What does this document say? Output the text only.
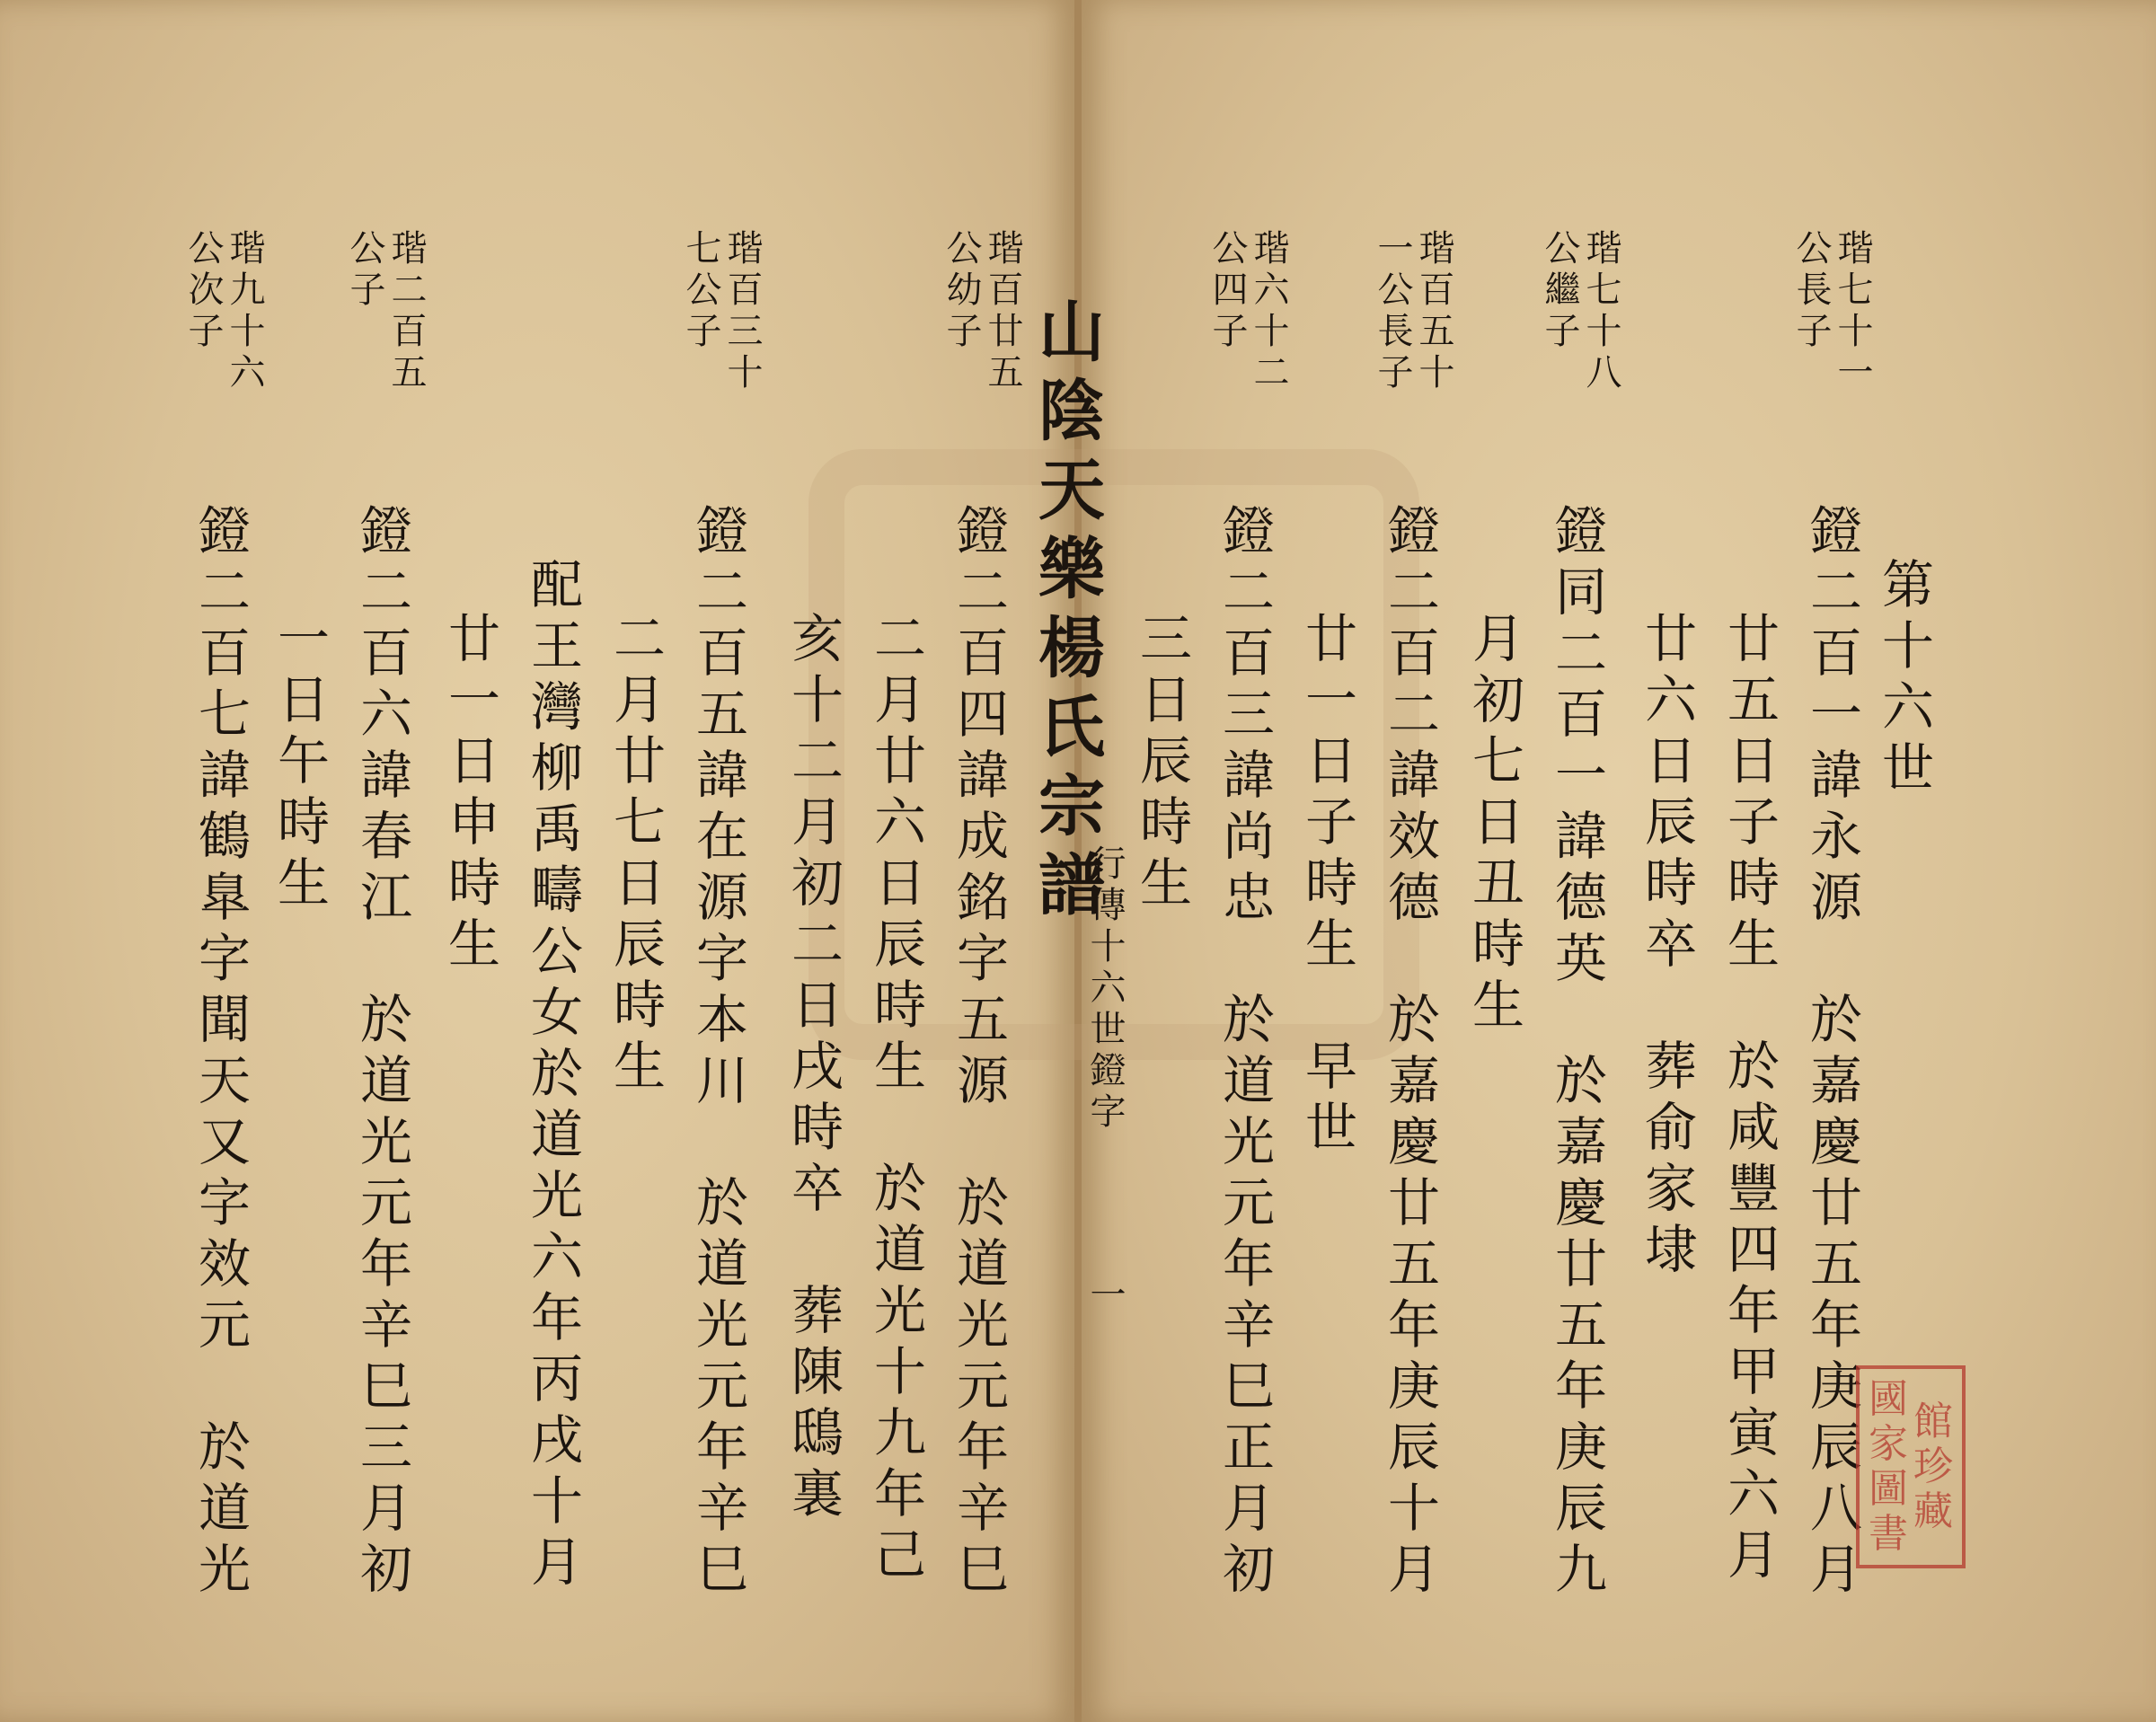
第十六世
瑎七十一
公長子
鐙二百一諱永源　於嘉慶廿五年庚辰八月
廿五日子時生　於咸豐四年甲寅六月
廿六日辰時卒　葬俞家埭
瑎七十八
公繼子
鐙同二百一諱德英　於嘉慶廿五年庚辰九
月初七日丑時生
瑎百五十
一公長子
鐙二百二諱效德　於嘉慶廿五年庚辰十月
廿一日子時生　早世
瑎六十二
公四子
鐙二百三諱尚忠　於道光元年辛巳正月初
三日辰時生
山陰天樂楊氏宗譜
行傳十六世鐙字
一
瑎百廿五
公幼子
鐙二百四諱成銘字五源　於道光元年辛巳
二月廿六日辰時生　於道光十九年己
亥十二月初二日戌時卒　葬陳鴟裏
瑎百三十
七公子
鐙二百五諱在源字本川　於道光元年辛巳
二月廿七日辰時生
配王灣柳禹疇公女於道光六年丙戌十月
廿一日申時生
瑎二百五
公子
鐙二百六諱春江　於道光元年辛巳三月初
一日午時生
瑎九十六
公次子
鐙二百七諱鶴臯字聞天又字效元　於道光	國
家
圖
書
館
珍
藏
